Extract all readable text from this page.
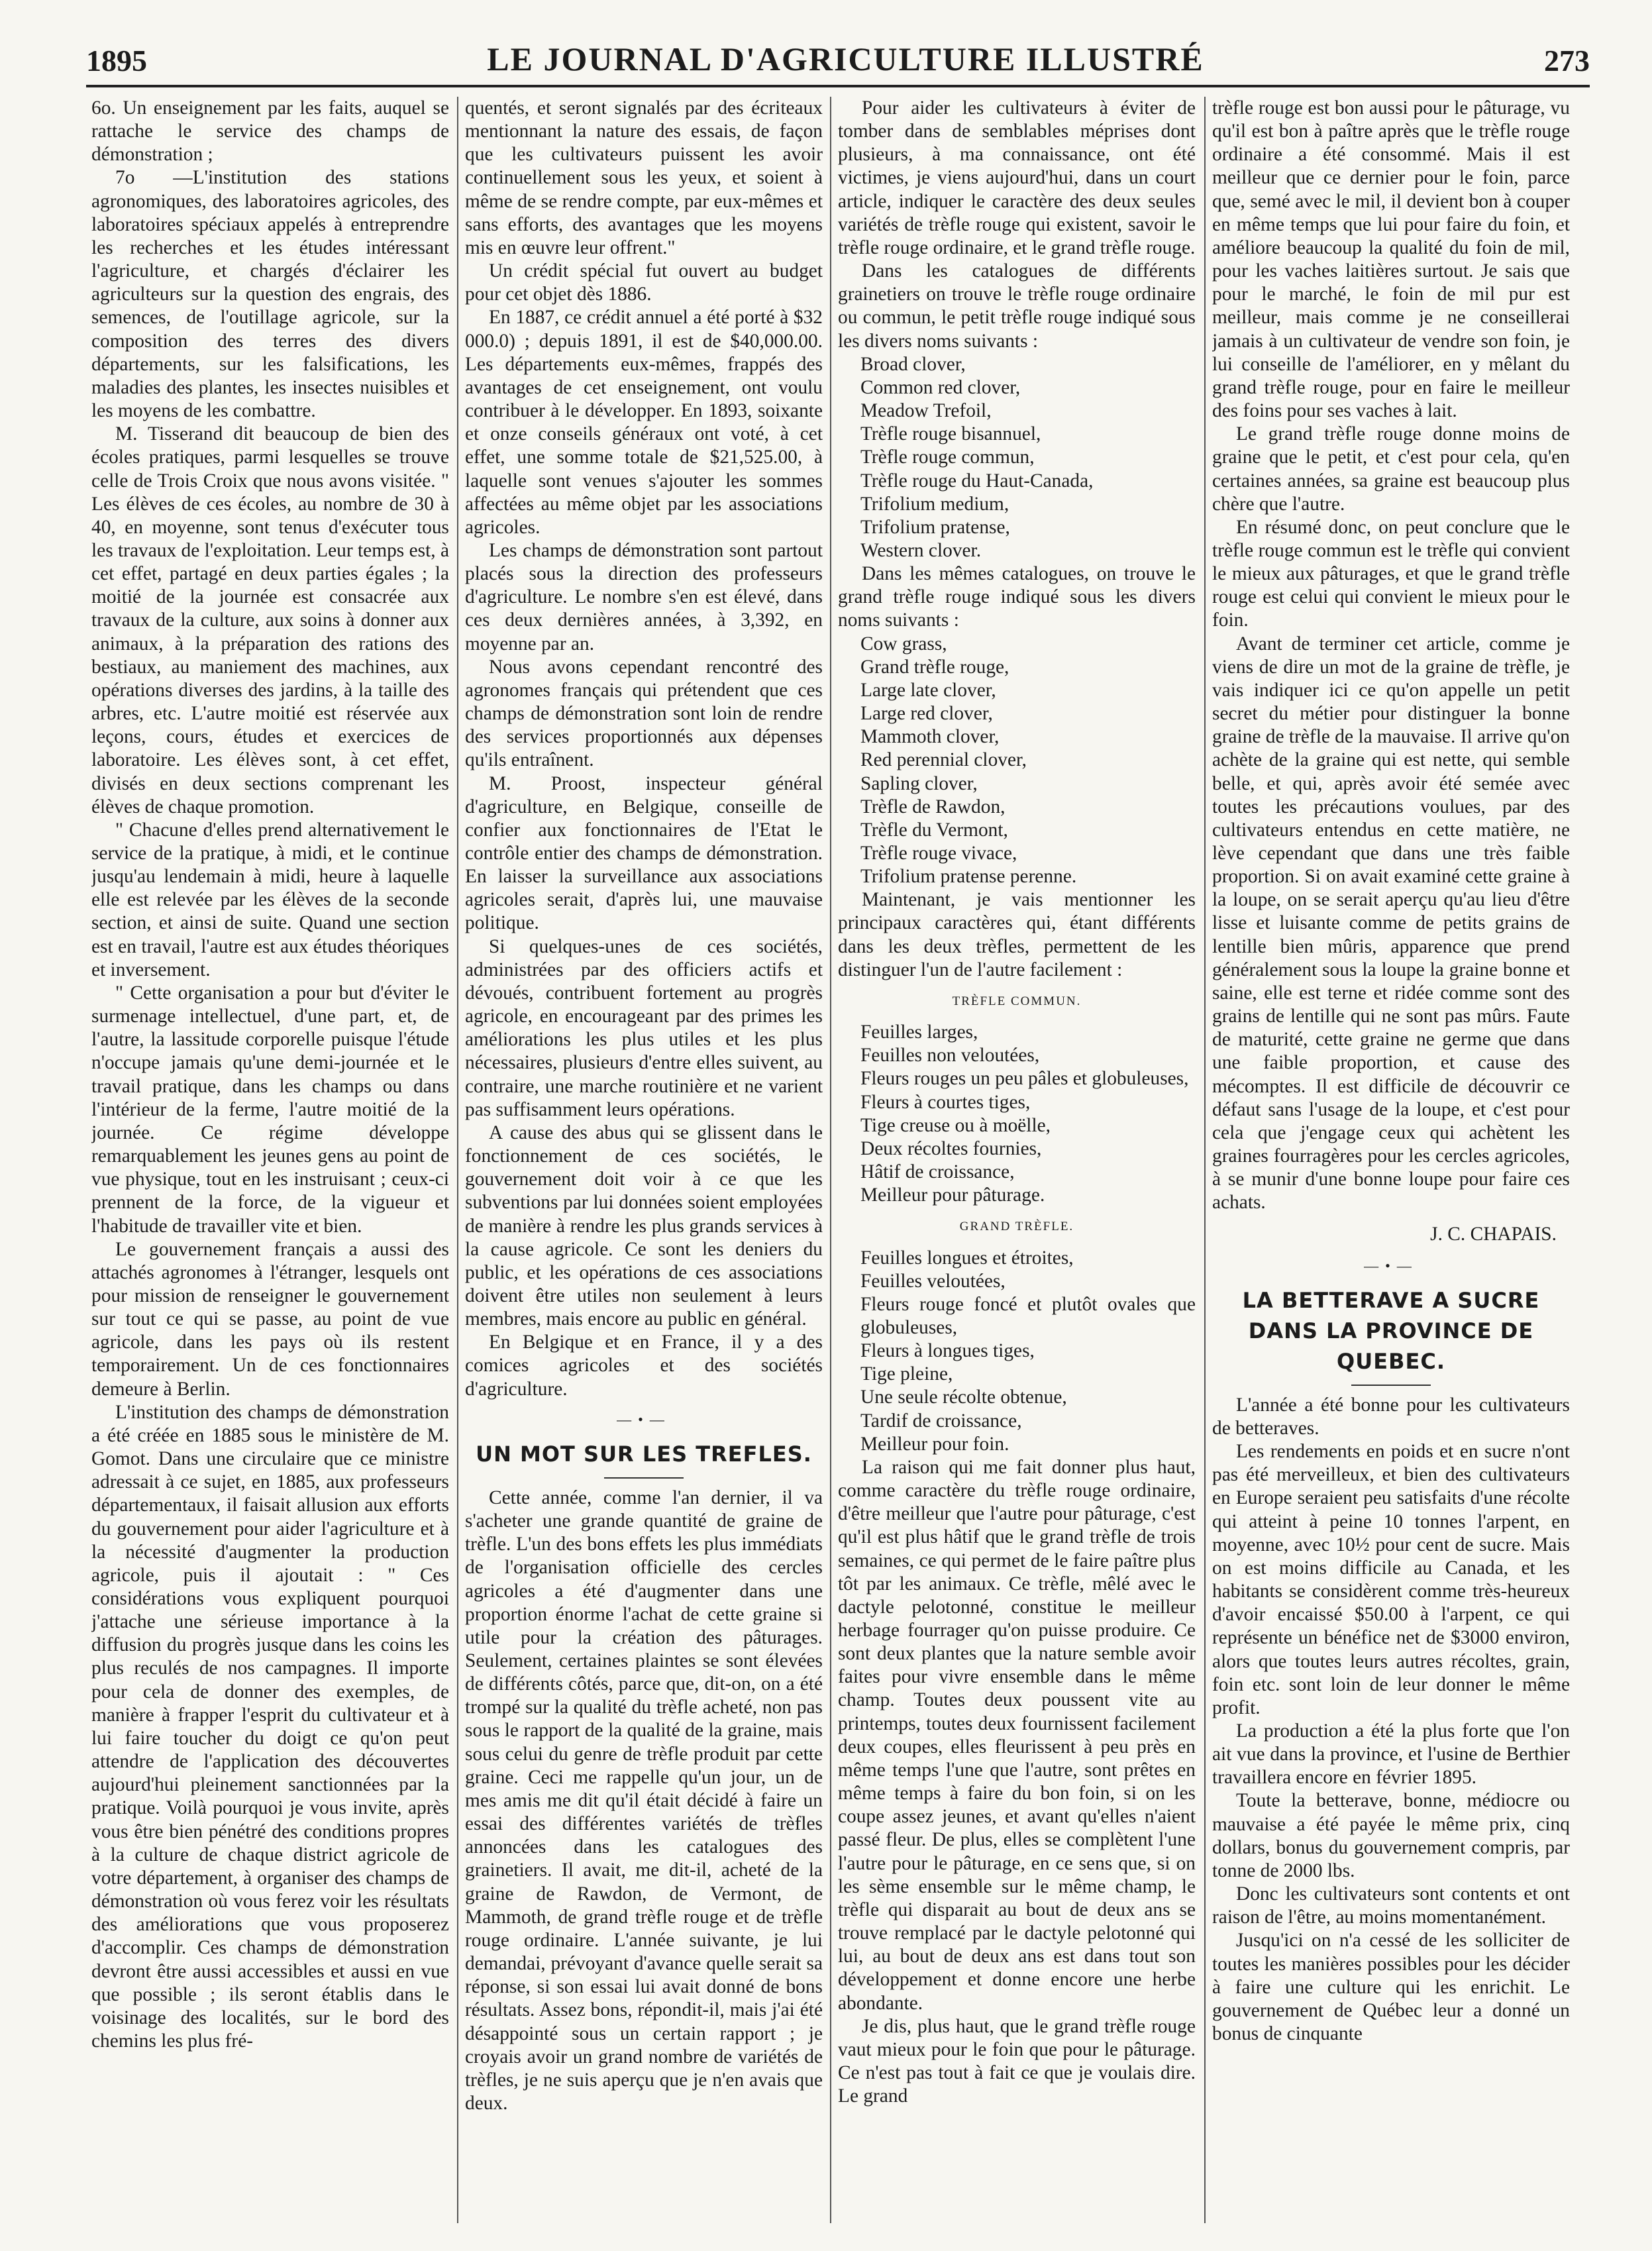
1895	LE JOURNAL D'AGRICULTURE ILLUSTRÉ	273

6o. Un enseignement par les faits, auquel se rattache le service des champs de démonstration ;

7o —L'institution des stations agronomiques, des laboratoires agricoles, des laboratoires spéciaux appelés à entreprendre les recherches et les études intéressant l'agriculture, et chargés d'éclairer les agriculteurs sur la question des engrais, des semences, de l'outillage agricole, sur la composition des terres des divers départements, sur les falsifications, les maladies des plantes, les insectes nuisibles et les moyens de les combattre.

M. Tisserand dit beaucoup de bien des écoles pratiques, parmi lesquelles se trouve celle de Trois Croix que nous avons visitée. " Les élèves de ces écoles, au nombre de 30 à 40, en moyenne, sont tenus d'exécuter tous les travaux de l'exploitation. Leur temps est, à cet effet, partagé en deux parties égales ; la moitié de la journée est consacrée aux travaux de la culture, aux soins à donner aux animaux, à la préparation des rations des bestiaux, au maniement des machines, aux opérations diverses des jardins, à la taille des arbres, etc. L'autre moitié est réservée aux leçons, cours, études et exercices de laboratoire. Les élèves sont, à cet effet, divisés en deux sections comprenant les élèves de chaque promotion.

" Chacune d'elles prend alternativement le service de la pratique, à midi, et le continue jusqu'au lendemain à midi, heure à laquelle elle est relevée par les élèves de la seconde section, et ainsi de suite. Quand une section est en travail, l'autre est aux études théoriques et inversement.

" Cette organisation a pour but d'éviter le surmenage intellectuel, d'une part, et, de l'autre, la lassitude corporelle puisque l'étude n'occupe jamais qu'une demi-journée et le travail pratique, dans les champs ou dans l'intérieur de la ferme, l'autre moitié de la journée. Ce régime développe remarquablement les jeunes gens au point de vue physique, tout en les instruisant ; ceux-ci prennent de la force, de la vigueur et l'habitude de travailler vite et bien.

Le gouvernement français a aussi des attachés agronomes à l'étranger, lesquels ont pour mission de renseigner le gouvernement sur tout ce qui se passe, au point de vue agricole, dans les pays où ils restent temporairement. Un de ces fonctionnaires demeure à Berlin.

L'institution des champs de démonstration a été créée en 1885 sous le ministère de M. Gomot. Dans une circulaire que ce ministre adressait à ce sujet, en 1885, aux professeurs départementaux, il faisait allusion aux efforts du gouvernement pour aider l'agriculture et à la nécessité d'augmenter la production agricole, puis il ajoutait : " Ces considérations vous expliquent pourquoi j'attache une sérieuse importance à la diffusion du progrès jusque dans les coins les plus reculés de nos campagnes. Il importe pour cela de donner des exemples, de manière à frapper l'esprit du cultivateur et à lui faire toucher du doigt ce qu'on peut attendre de l'application des découvertes aujourd'hui pleinement sanctionnées par la pratique. Voilà pourquoi je vous invite, après vous être bien pénétré des conditions propres à la culture de chaque district agricole de votre département, à organiser des champs de démonstration où vous ferez voir les résultats des améliorations que vous proposerez d'accomplir. Ces champs de démonstration devront être aussi accessibles et aussi en vue que possible ; ils seront établis dans le voisinage des localités, sur le bord des chemins les plus fré-

quentés, et seront signalés par des écriteaux mentionnant la nature des essais, de façon que les cultivateurs puissent les avoir continuellement sous les yeux, et soient à même de se rendre compte, par eux-mêmes et sans efforts, des avantages que les moyens mis en œuvre leur offrent."

Un crédit spécial fut ouvert au budget pour cet objet dès 1886.

En 1887, ce crédit annuel a été porté à $32 000.0) ; depuis 1891, il est de $40,000.00. Les départements eux-mêmes, frappés des avantages de cet enseignement, ont voulu contribuer à le développer. En 1893, soixante et onze conseils généraux ont voté, à cet effet, une somme totale de $21,525.00, à laquelle sont venues s'ajouter les sommes affectées au même objet par les associations agricoles.

Les champs de démonstration sont partout placés sous la direction des professeurs d'agriculture. Le nombre s'en est élevé, dans ces deux dernières années, à 3,392, en moyenne par an.

Nous avons cependant rencontré des agronomes français qui prétendent que ces champs de démonstration sont loin de rendre des services proportionnés aux dépenses qu'ils entraînent.

M. Proost, inspecteur général d'agriculture, en Belgique, conseille de confier aux fonctionnaires de l'Etat le contrôle entier des champs de démonstration. En laisser la surveillance aux associations agricoles serait, d'après lui, une mauvaise politique.

Si quelques-unes de ces sociétés, administrées par des officiers actifs et dévoués, contribuent fortement au progrès agricole, en encourageant par des primes les améliorations les plus utiles et les plus nécessaires, plusieurs d'entre elles suivent, au contraire, une marche routinière et ne varient pas suffisamment leurs opérations.

A cause des abus qui se glissent dans le fonctionnement de ces sociétés, le gouvernement doit voir à ce que les subventions par lui données soient employées de manière à rendre les plus grands services à la cause agricole. Ce sont les deniers du public, et les opérations de ces associations doivent être utiles non seulement à leurs membres, mais encore au public en général.

En Belgique et en France, il y a des comices agricoles et des sociétés d'agriculture.

—•—
UN MOT SUR LES TREFLES.

Cette année, comme l'an dernier, il va s'acheter une grande quantité de graine de trèfle. L'un des bons effets les plus immédiats de l'organisation officielle des cercles agricoles a été d'augmenter dans une proportion énorme l'achat de cette graine si utile pour la création des pâturages. Seulement, certaines plaintes se sont élevées de différents côtés, parce que, dit-on, on a été trompé sur la qualité du trèfle acheté, non pas sous le rapport de la qualité de la graine, mais sous celui du genre de trèfle produit par cette graine. Ceci me rappelle qu'un jour, un de mes amis me dit qu'il était décidé à faire un essai des différentes variétés de trèfles annoncées dans les catalogues des grainetiers. Il avait, me dit-il, acheté de la graine de Rawdon, de Vermont, de Mammoth, de grand trèfle rouge et de trèfle rouge ordinaire. L'année suivante, je lui demandai, prévoyant d'avance quelle serait sa réponse, si son essai lui avait donné de bons résultats. Assez bons, répondit-il, mais j'ai été désappointé sous un certain rapport ; je croyais avoir un grand nombre de variétés de trèfles, je ne suis aperçu que je n'en avais que deux.

Pour aider les cultivateurs à éviter de tomber dans de semblables méprises dont plusieurs, à ma connaissance, ont été victimes, je viens aujourd'hui, dans un court article, indiquer le caractère des deux seules variétés de trèfle rouge qui existent, savoir le trèfle rouge ordinaire, et le grand trèfle rouge.

Dans les catalogues de différents grainetiers on trouve le trèfle rouge ordinaire ou commun, le petit trèfle rouge indiqué sous les divers noms suivants :

Broad clover,
Common red clover,
Meadow Trefoil,
Trèfle rouge bisannuel,
Trèfle rouge commun,
Trèfle rouge du Haut-Canada,
Trifolium medium,
Trifolium pratense,
Western clover.

Dans les mêmes catalogues, on trouve le grand trèfle rouge indiqué sous les divers noms suivants :

Cow grass,
Grand trèfle rouge,
Large late clover,
Large red clover,
Mammoth clover,
Red perennial clover,
Sapling clover,
Trèfle de Rawdon,
Trèfle du Vermont,
Trèfle rouge vivace,
Trifolium pratense perenne.

Maintenant, je vais mentionner les principaux caractères qui, étant différents dans les deux trèfles, permettent de les distinguer l'un de l'autre facilement :

TRÈFLE COMMUN.
Feuilles larges,
Feuilles non veloutées,
Fleurs rouges un peu pâles et globuleuses,
Fleurs à courtes tiges,
Tige creuse ou à moëlle,
Deux récoltes fournies,
Hâtif de croissance,
Meilleur pour pâturage.
GRAND TRÈFLE.
Feuilles longues et étroites,
Feuilles veloutées,
Fleurs rouge foncé et plutôt ovales que globuleuses,
Fleurs à longues tiges,
Tige pleine,
Une seule récolte obtenue,
Tardif de croissance,
Meilleur pour foin.

La raison qui me fait donner plus haut, comme caractère du trèfle rouge ordinaire, d'être meilleur que l'autre pour pâturage, c'est qu'il est plus hâtif que le grand trèfle de trois semaines, ce qui permet de le faire paître plus tôt par les animaux. Ce trèfle, mêlé avec le dactyle pelotonné, constitue le meilleur herbage fourrager qu'on puisse produire. Ce sont deux plantes que la nature semble avoir faites pour vivre ensemble dans le même champ. Toutes deux poussent vite au printemps, toutes deux fournissent facilement deux coupes, elles fleurissent à peu près en même temps l'une que l'autre, sont prêtes en même temps à faire du bon foin, si on les coupe assez jeunes, et avant qu'elles n'aient passé fleur. De plus, elles se complètent l'une l'autre pour le pâturage, en ce sens que, si on les sème ensemble sur le même champ, le trèfle qui disparait au bout de deux ans se trouve remplacé par le dactyle pelotonné qui lui, au bout de deux ans est dans tout son développement et donne encore une herbe abondante.

Je dis, plus haut, que le grand trèfle rouge vaut mieux pour le foin que pour le pâturage. Ce n'est pas tout à fait ce que je voulais dire. Le grand

trèfle rouge est bon aussi pour le pâturage, vu qu'il est bon à paître après que le trèfle rouge ordinaire a été consommé. Mais il est meilleur que ce dernier pour le foin, parce que, semé avec le mil, il devient bon à couper en même temps que lui pour faire du foin, et améliore beaucoup la qualité du foin de mil, pour les vaches laitières surtout. Je sais que pour le marché, le foin de mil pur est meilleur, mais comme je ne conseillerai jamais à un cultivateur de vendre son foin, je lui conseille de l'améliorer, en y mêlant du grand trèfle rouge, pour en faire le meilleur des foins pour ses vaches à lait.

Le grand trèfle rouge donne moins de graine que le petit, et c'est pour cela, qu'en certaines années, sa graine est beaucoup plus chère que l'autre.

En résumé donc, on peut conclure que le trèfle rouge commun est le trèfle qui convient le mieux aux pâturages, et que le grand trèfle rouge est celui qui convient le mieux pour le foin.

Avant de terminer cet article, comme je viens de dire un mot de la graine de trèfle, je vais indiquer ici ce qu'on appelle un petit secret du métier pour distinguer la bonne graine de trèfle de la mauvaise. Il arrive qu'on achète de la graine qui est nette, qui semble belle, et qui, après avoir été semée avec toutes les précautions voulues, par des cultivateurs entendus en cette matière, ne lève cependant que dans une très faible proportion. Si on avait examiné cette graine à la loupe, on se serait aperçu qu'au lieu d'être lisse et luisante comme de petits grains de lentille bien mûris, apparence que prend généralement sous la loupe la graine bonne et saine, elle est terne et ridée comme sont des grains de lentille qui ne sont pas mûrs. Faute de maturité, cette graine ne germe que dans une faible proportion, et cause des mécomptes. Il est difficile de découvrir ce défaut sans l'usage de la loupe, et c'est pour cela que j'engage ceux qui achètent les graines fourragères pour les cercles agricoles, à se munir d'une bonne loupe pour faire ces achats.

J. C. CHAPAIS.
—•—
LA BETTERAVE A SUCRE DANS LA PROVINCE DE QUEBEC.

L'année a été bonne pour les cultivateurs de betteraves.

Les rendements en poids et en sucre n'ont pas été merveilleux, et bien des cultivateurs en Europe seraient peu satisfaits d'une récolte qui atteint à peine 10 tonnes l'arpent, en moyenne, avec 10½ pour cent de sucre. Mais on est moins difficile au Canada, et les habitants se considèrent comme très-heureux d'avoir encaissé $50.00 à l'arpent, ce qui représente un bénéfice net de $3000 environ, alors que toutes leurs autres récoltes, grain, foin etc. sont loin de leur donner le même profit.

La production a été la plus forte que l'on ait vue dans la province, et l'usine de Berthier travaillera encore en février 1895.

Toute la betterave, bonne, médiocre ou mauvaise a été payée le même prix, cinq dollars, bonus du gouvernement compris, par tonne de 2000 lbs.

Donc les cultivateurs sont contents et ont raison de l'être, au moins momentanément.

Jusqu'ici on n'a cessé de les solliciter de toutes les manières possibles pour les décider à faire une culture qui les enrichit. Le gouvernement de Québec leur a donné un bonus de cinquante
